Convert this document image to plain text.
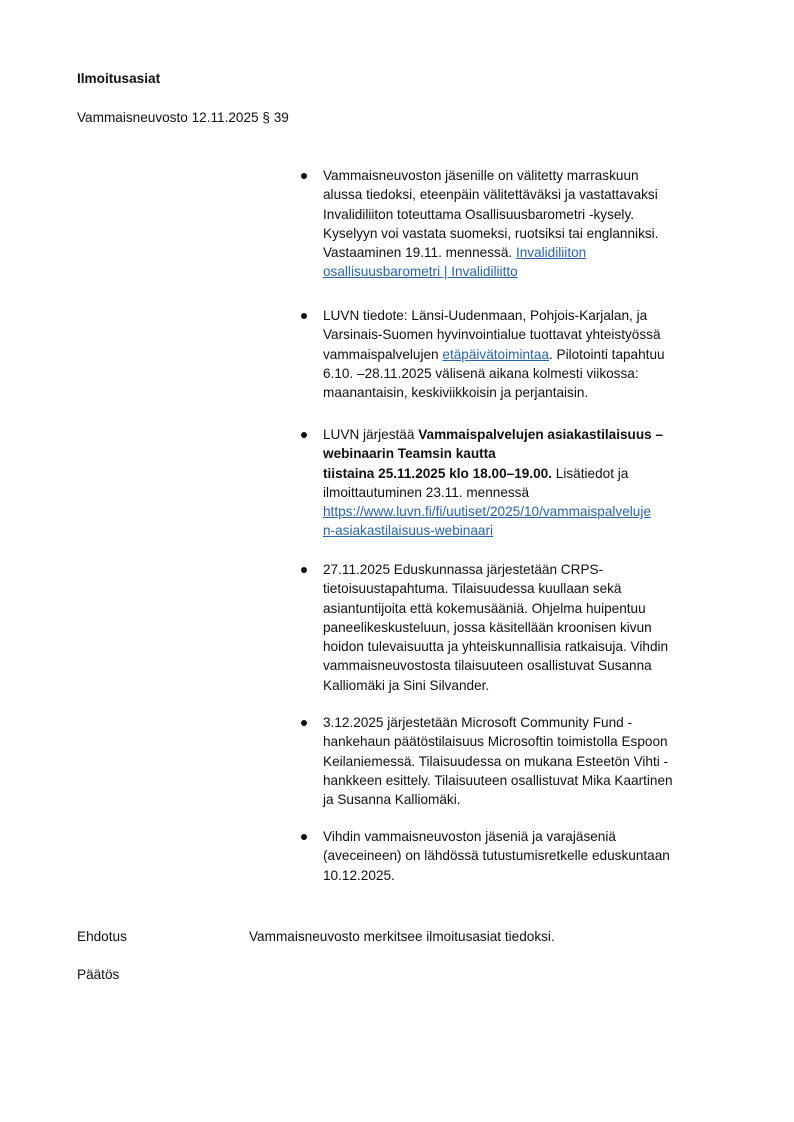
Ilmoitusasiat
Vammaisneuvosto 12.11.2025 § 39
Vammaisneuvoston jäsenille on välitetty marraskuun
alussa tiedoksi, eteenpäin välitettäväksi ja vastattavaksi
Invalidiliiton toteuttama Osallisuusbarometri -kysely.
Kyselyyn voi vastata suomeksi, ruotsiksi tai englanniksi.
Vastaaminen 19.11. mennessä. Invalidiliiton
osallisuusbarometri | Invalidiliitto
LUVN tiedote: Länsi-Uudenmaan, Pohjois-Karjalan, ja
Varsinais-Suomen hyvinvointialue tuottavat yhteistyössä
vammaispalvelujen etäpäivätoimintaa. Pilotointi tapahtuu
6.10. –28.11.2025 välisenä aikana kolmesti viikossa:
maanantaisin, keskiviikkoisin ja perjantaisin.
LUVN järjestää Vammaispalvelujen asiakastilaisuus –
webinaarin Teamsin kautta
tiistaina 25.11.2025 klo 18.00–19.00. Lisätiedot ja
ilmoittautuminen 23.11. mennessä
https://www.luvn.fi/fi/uutiset/2025/10/vammaispalveluje
n-asiakastilaisuus-webinaari
27.11.2025 Eduskunnassa järjestetään CRPS-
tietoisuustapahtuma. Tilaisuudessa kuullaan sekä
asiantuntijoita että kokemusääniä. Ohjelma huipentuu
paneelikeskusteluun, jossa käsitellään kroonisen kivun
hoidon tulevaisuutta ja yhteiskunnallisia ratkaisuja. Vihdin
vammaisneuvostosta tilaisuuteen osallistuvat Susanna
Kalliomäki ja Sini Silvander.
3.12.2025 järjestetään Microsoft Community Fund -
hankehaun päätöstilaisuus Microsoftin toimistolla Espoon
Keilaniemessä. Tilaisuudessa on mukana Esteetön Vihti -
hankkeen esittely. Tilaisuuteen osallistuvat Mika Kaartinen
ja Susanna Kalliomäki.
Vihdin vammaisneuvoston jäseniä ja varajäseniä
(aveceineen) on lähdössä tutustumisretkelle eduskuntaan
10.12.2025.
Ehdotus	Vammaisneuvosto merkitsee ilmoitusasiat tiedoksi.
Päätös
